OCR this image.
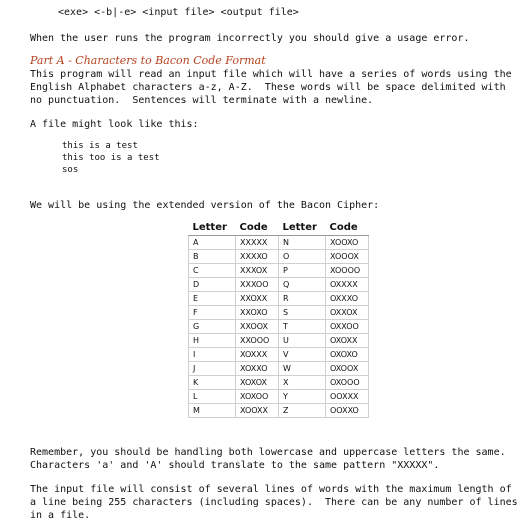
<exe> <-b|-e> <input file> <output file>
When the user runs the program incorrectly you should give a usage error.
Part A - Characters to Bacon Code Format
This program will read an input file which will have a series of words using the
English Alphabet characters a-z, A-Z.  These words will be space delimited with
no punctuation.  Sentences will terminate with a newline.
A file might look like this:
this is a test
this too is a test
sos
We will be using the extended version of the Bacon Cipher:
Letter	Code	Letter	Code
A	XXXXX	N	XOOXO
B	XXXXO	O	XOOOX
C	XXXOX	P	XOOOO
D	XXXOO	Q	OXXXX
E	XXOXX	R	OXXXO
F	XXOXO	S	OXXOX
G	XXOOX	T	OXXOO
H	XXOOO	U	OXOXX
I	XOXXX	V	OXOXO
J	XOXXO	W	OXOOX
K	XOXOX	X	OXOOO
L	XOXOO	Y	OOXXX
M	XOOXX	Z	OOXXO
Remember, you should be handling both lowercase and uppercase letters the same.
Characters 'a' and 'A' should translate to the same pattern "XXXXX".
The input file will consist of several lines of words with the maximum length of
a line being 255 characters (including spaces).  There can be any number of lines
in a file.
